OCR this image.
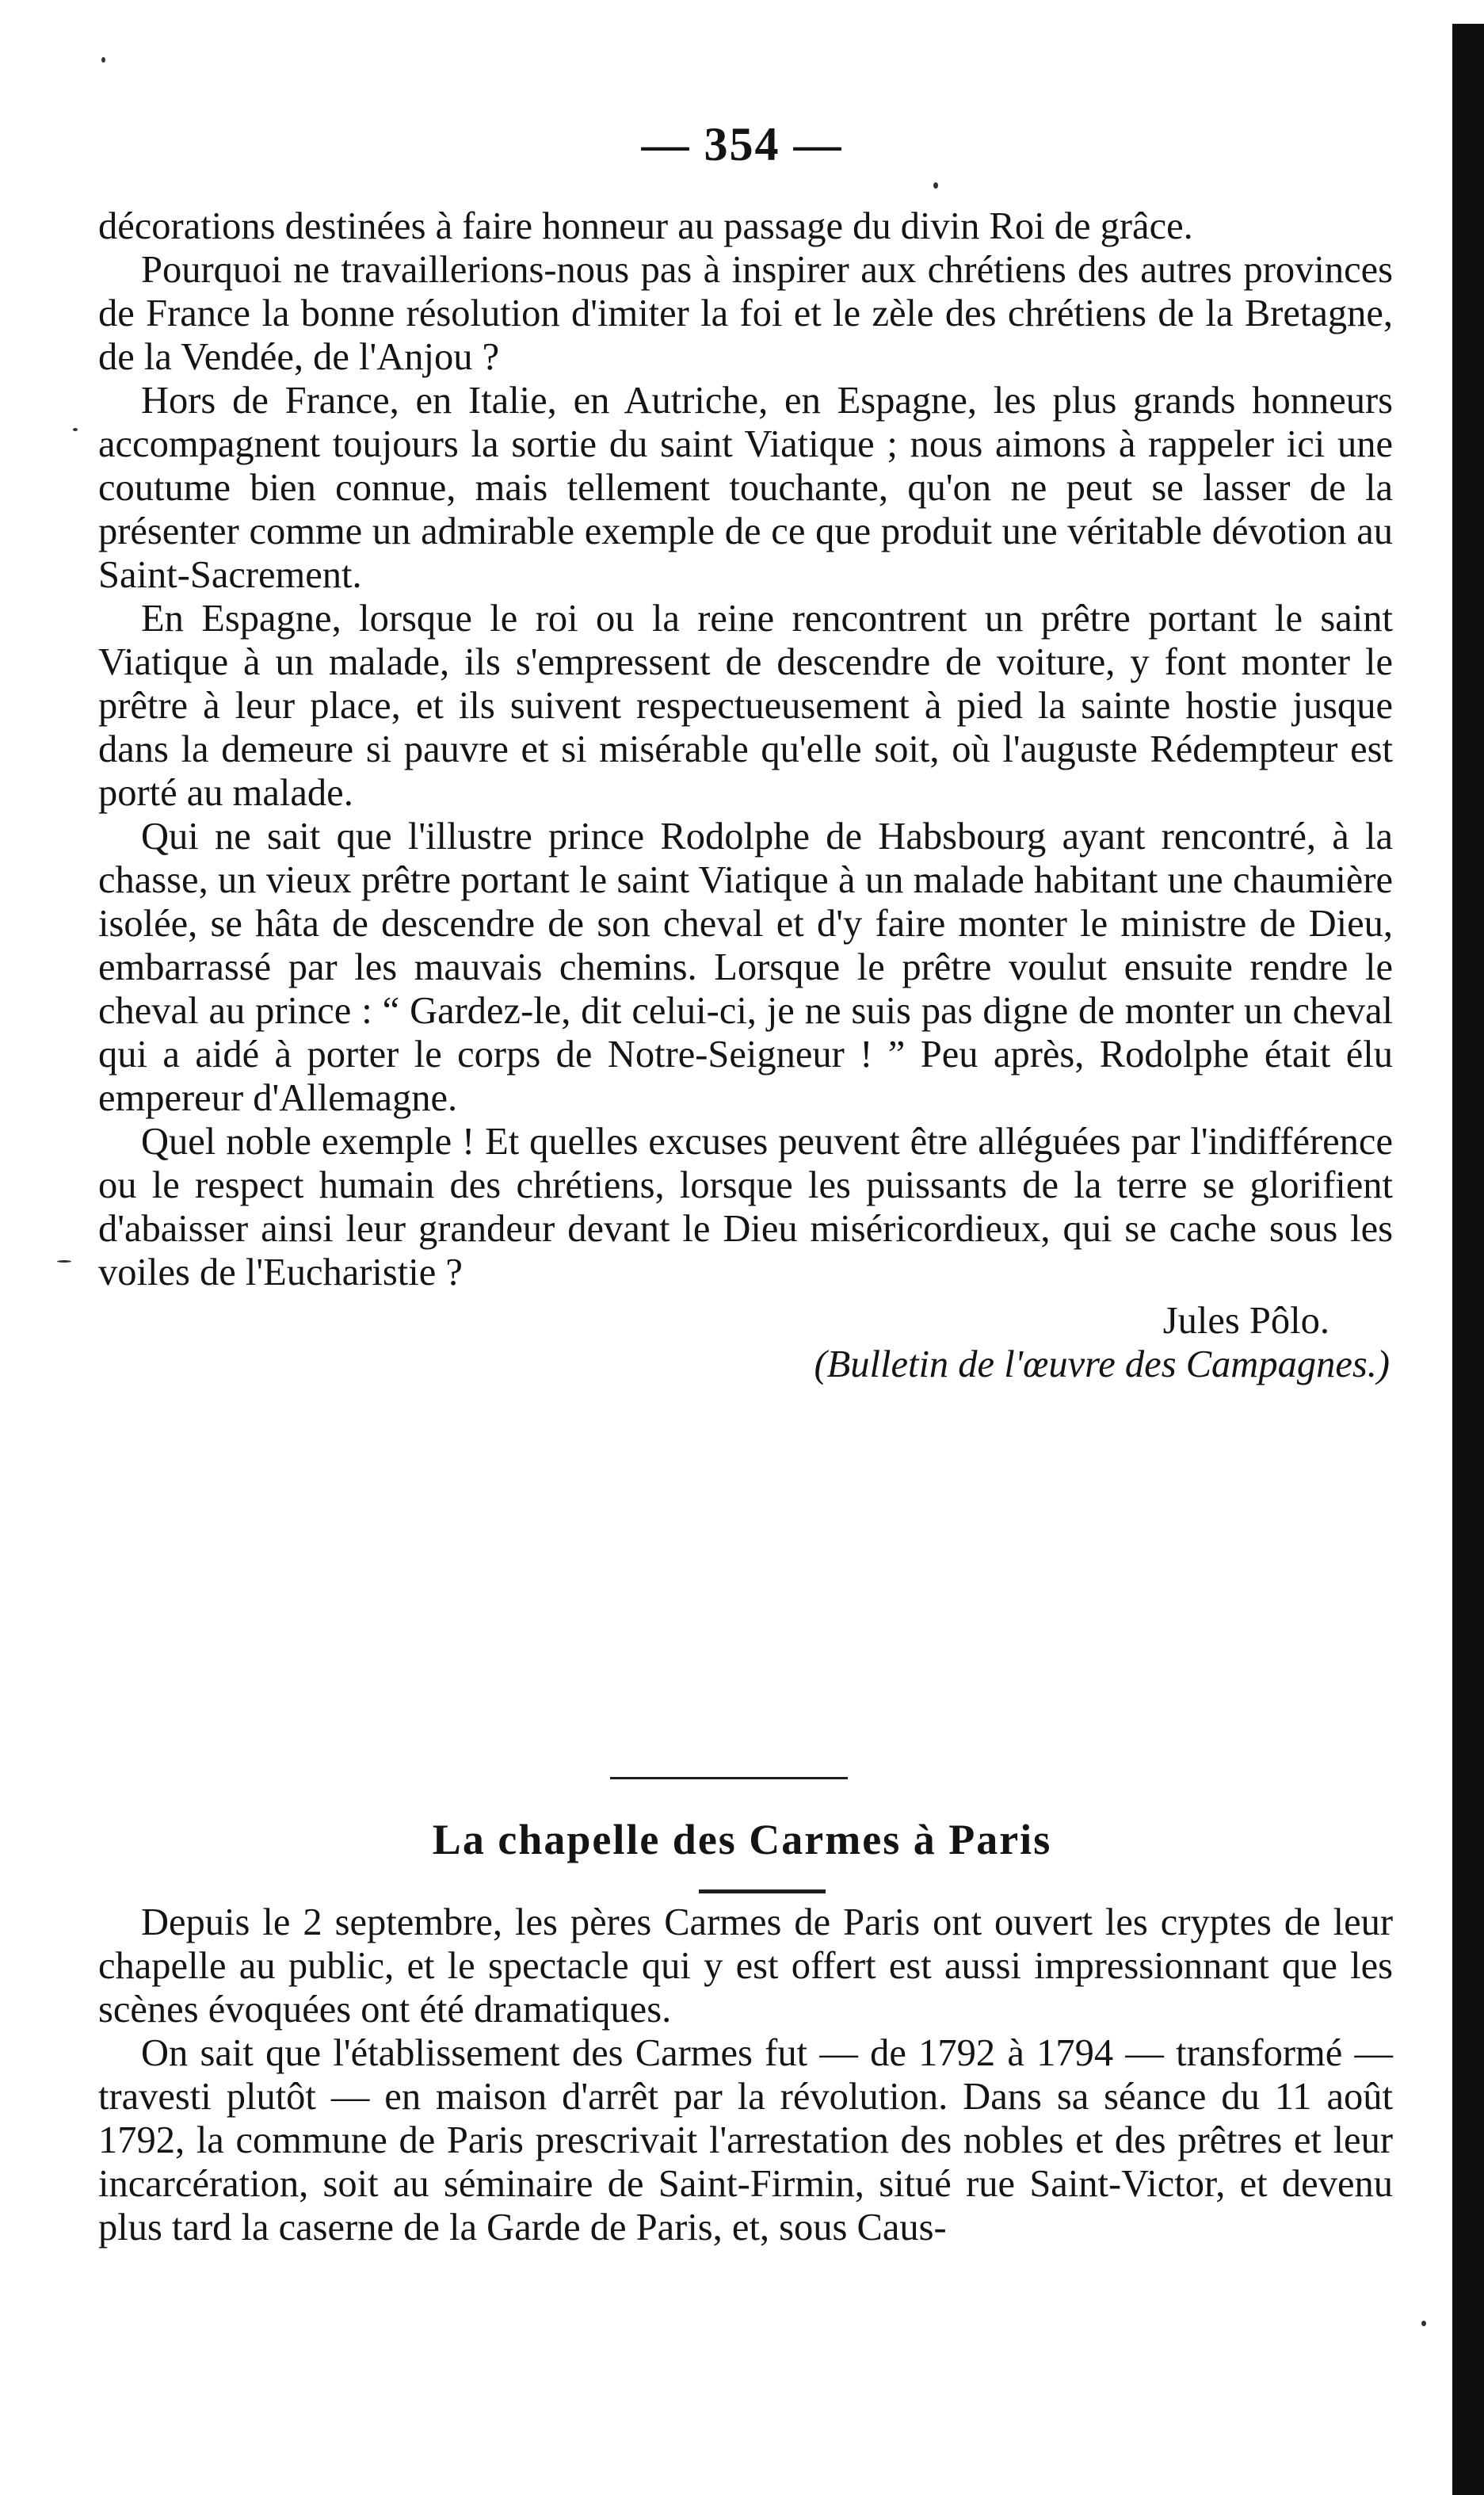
— 354 —

décorations destinées à faire honneur au passage du divin Roi de grâce.

Pourquoi ne travaillerions-nous pas à inspirer aux chrétiens des autres provinces de France la bonne résolution d'imiter la foi et le zèle des chrétiens de la Bretagne, de la Vendée, de l'Anjou ?

Hors de France, en Italie, en Autriche, en Espagne, les plus grands honneurs accompagnent toujours la sortie du saint Viatique ; nous aimons à rappeler ici une coutume bien connue, mais tellement touchante, qu'on ne peut se lasser de la présenter comme un admirable exemple de ce que produit une véritable dévotion au Saint-Sacrement.

En Espagne, lorsque le roi ou la reine rencontrent un prêtre portant le saint Viatique à un malade, ils s'empressent de descendre de voiture, y font monter le prêtre à leur place, et ils suivent respectueusement à pied la sainte hostie jusque dans la demeure si pauvre et si misérable qu'elle soit, où l'auguste Rédempteur est porté au malade.

Qui ne sait que l'illustre prince Rodolphe de Habsbourg ayant rencontré, à la chasse, un vieux prêtre portant le saint Viatique à un malade habitant une chaumière isolée, se hâta de descendre de son cheval et d'y faire monter le ministre de Dieu, embarrassé par les mauvais chemins. Lorsque le prêtre voulut ensuite rendre le cheval au prince : “ Gardez-le, dit celui-ci, je ne suis pas digne de monter un cheval qui a aidé à porter le corps de Notre-Seigneur ! ” Peu après, Rodolphe était élu empereur d'Allemagne.

Quel noble exemple ! Et quelles excuses peuvent être alléguées par l'indifférence ou le respect humain des chrétiens, lorsque les puissants de la terre se glorifient d'abaisser ainsi leur grandeur devant le Dieu miséricordieux, qui se cache sous les voiles de l'Eucharistie ?

Jules Pôlo.
(Bulletin de l'œuvre des Campagnes.)
La chapelle des Carmes à Paris

Depuis le 2 septembre, les pères Carmes de Paris ont ouvert les cryptes de leur chapelle au public, et le spectacle qui y est offert est aussi impressionnant que les scènes évoquées ont été dramatiques.

On sait que l'établissement des Carmes fut — de 1792 à 1794 — transformé — travesti plutôt — en maison d'arrêt par la révolution. Dans sa séance du 11 août 1792, la commune de Paris prescrivait l'arrestation des nobles et des prêtres et leur incarcération, soit au séminaire de Saint-Firmin, situé rue Saint-Victor, et devenu plus tard la caserne de la Garde de Paris, et, sous Caus-
